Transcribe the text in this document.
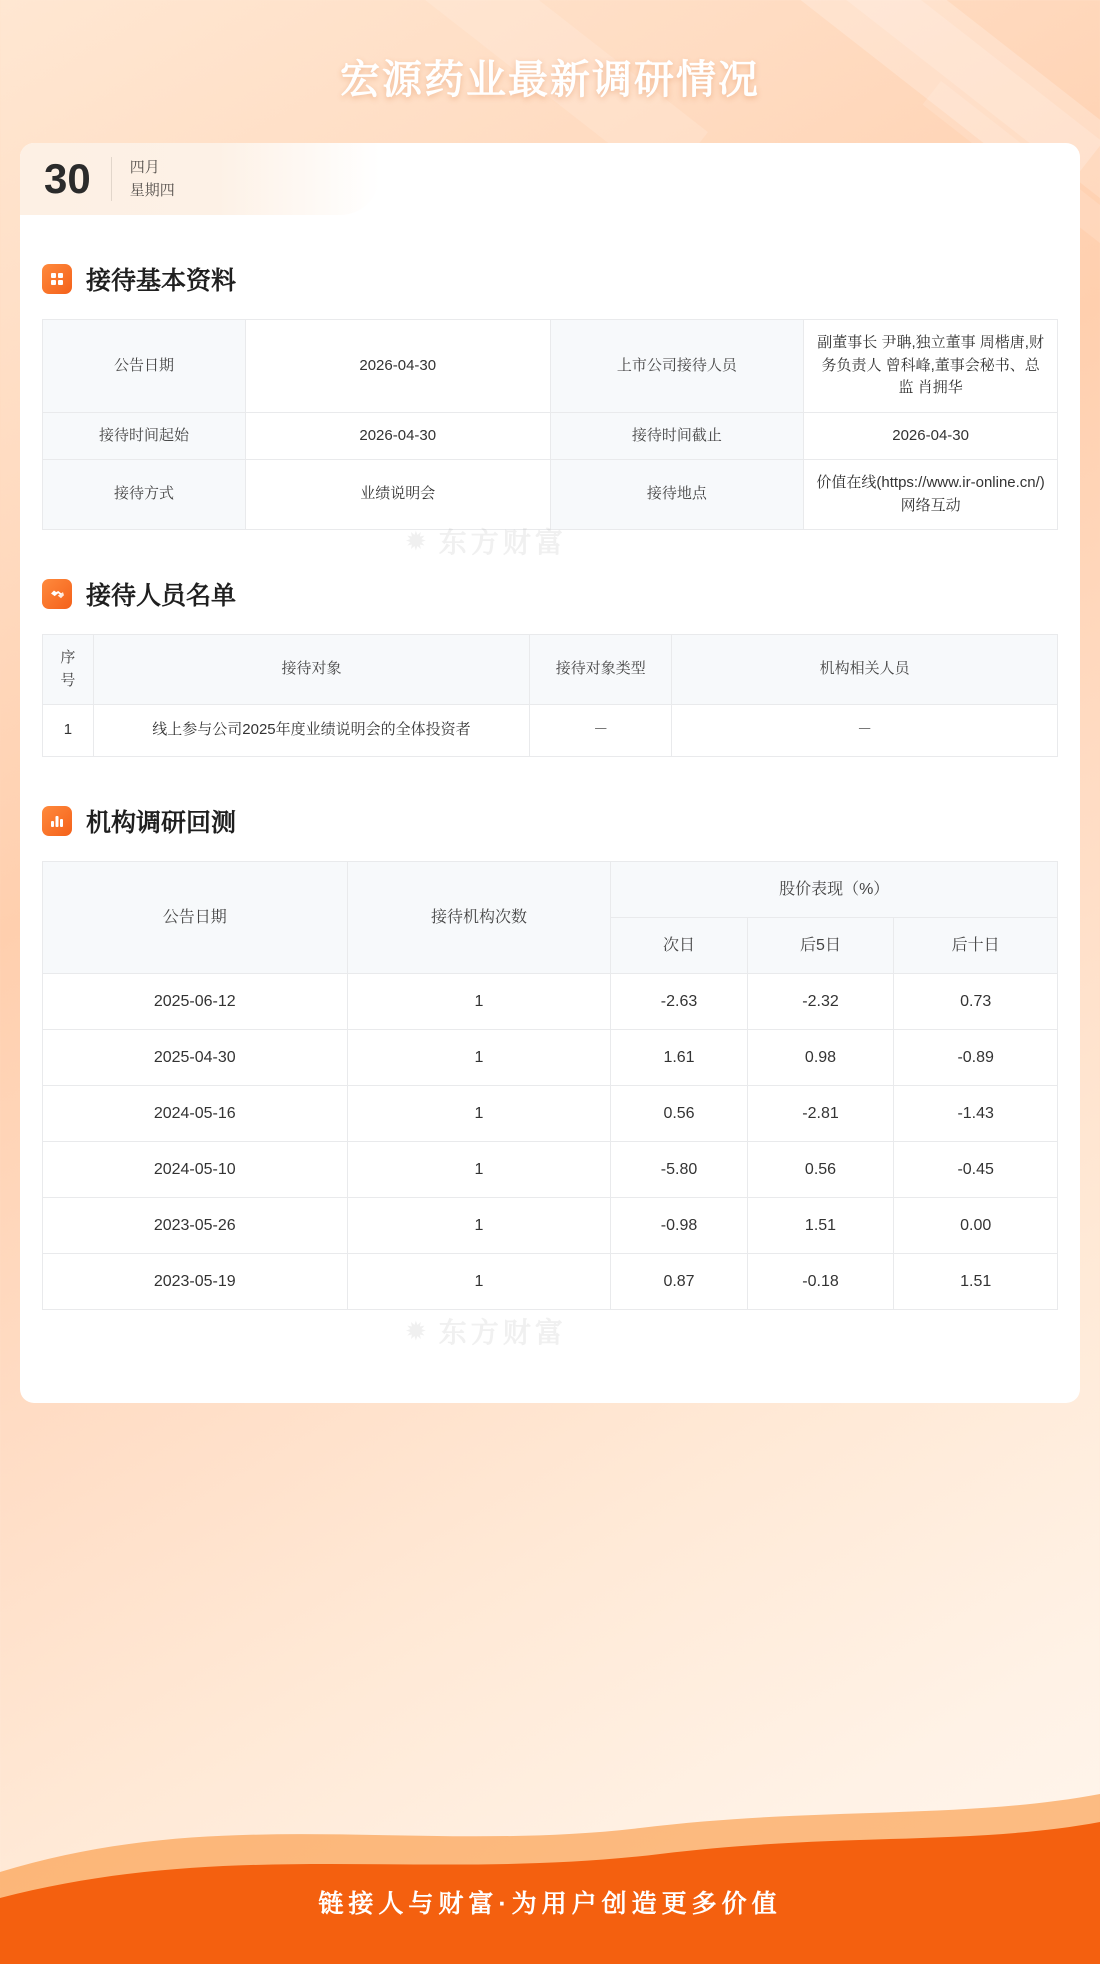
宏源药业最新调研情况
30	四月
星期四
接待基本资料
公告日期	2026-04-30	上市公司接待人员	副董事长 尹聃,独立董事 周楷唐,财务负责人 曾科峰,董事会秘书、总监 肖拥华
接待时间起始	2026-04-30	接待时间截止	2026-04-30
接待方式	业绩说明会	接待地点	价值在线(https://www.ir-online.cn/)网络互动
接待人员名单
序号	接待对象	接待对象类型	机构相关人员
1	线上参与公司2025年度业绩说明会的全体投资者	－	－
机构调研回测
公告日期	接待机构次数	股价表现（%）		
		次日	后5日	后十日
2025-06-12	1	-2.63	-2.32	0.73
2025-04-30	1	1.61	0.98	-0.89
2024-05-16	1	0.56	-2.81	-1.43
2024-05-10	1	-5.80	0.56	-0.45
2023-05-26	1	-0.98	1.51	0.00
2023-05-19	1	0.87	-0.18	1.51
✹ 东方财富
✹ 东方财富
链接人与财富·为用户创造更多价值
